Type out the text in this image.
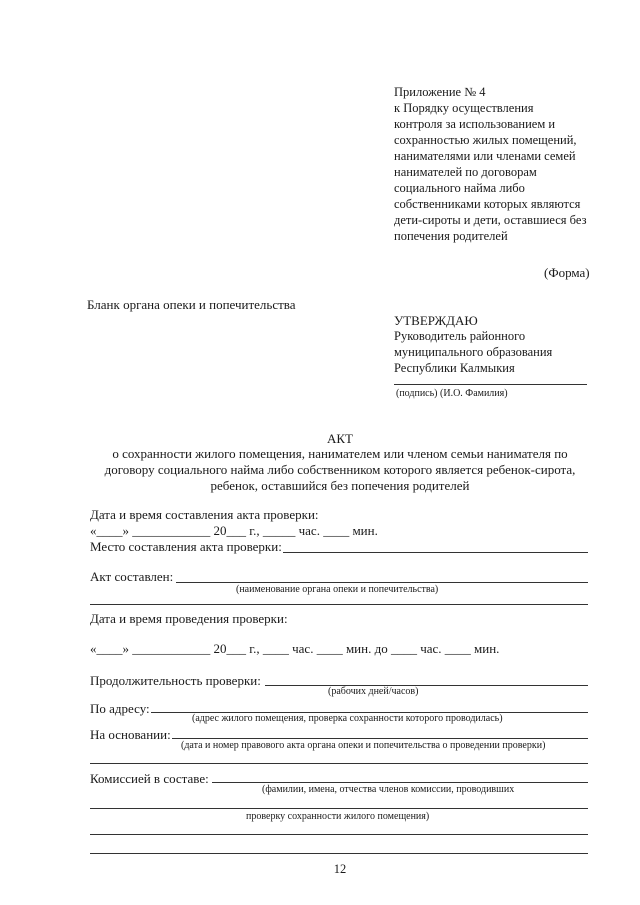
Приложение № 4
к Порядку осуществления
контроля за использованием и
сохранностью жилых помещений,
нанимателями или членами семей
нанимателей по договорам
социального найма либо
собственниками которых являются
дети-сироты и дети, оставшиеся без
попечения родителей
(Форма)
Бланк органа опеки и попечительства
УТВЕРЖДАЮ
Руководитель районного
муниципального образования
Республики Калмыкия
(подпись) (И.О. Фамилия)
АКТ
о сохранности жилого помещения, нанимателем или членом семьи нанимателя по
договору социального найма либо собственником которого является ребенок-сирота,
ребенок, оставшийся без попечения родителей
Дата и время составления акта проверки:
«____» ____________ 20___ г., _____ час. ____ мин.
Место составления акта проверки:
Акт составлен:
(наименование органа опеки и попечительства)
Дата и время проведения проверки:
«____» ____________ 20___ г., ____ час. ____ мин. до ____ час. ____ мин.
Продолжительность проверки:
(рабочих дней/часов)
По адресу:
(адрес жилого помещения, проверка сохранности которого проводилась)
На основании:
(дата и номер правового акта органа опеки и попечительства о проведении проверки)
Комиссией в составе:
(фамилии, имена, отчества членов комиссии, проводивших
проверку сохранности жилого помещения)
12
